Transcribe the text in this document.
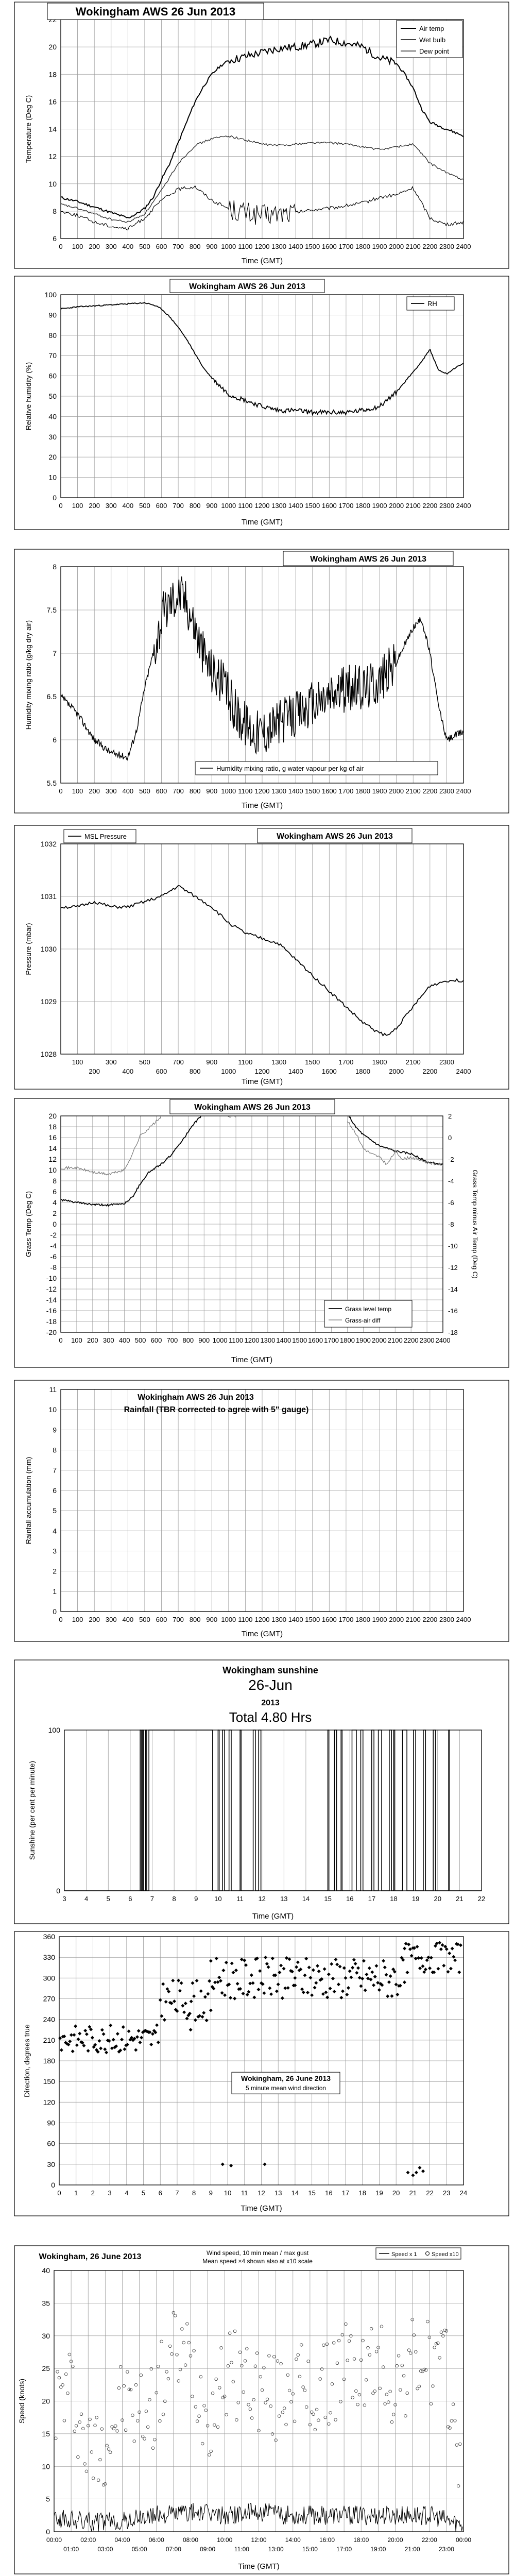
6
8
10
12
14
16
18
20
0 100 200 300 400 500 600 700 800 900 1000 1100 1200 1300 1400 1500 1600 1700 1800 1900 2000 2100 2200 2300 2400
Time (GMT)
Temperature (Deg C)
Wokingham AWS 26 Jun 2013
Air temp
Wet bulb
Dew point
0
10
20
30
40
50
60
70
80
90
100
0 100 200 300 400 500 600 700 800 900 1000 1100 1200 1300 1400 1500 1600 1700 1800 1900 2000 2100 2200 2300 2400
Time (GMT)
Relative humidity (%)
Wokingham AWS 26 Jun 2013
RH
5.5
6
6.5
7
7.5
8
0 100 200 300 400 500 600 700 800 900 1000 1100 1200 1300 1400 1500 1600 1700 1800 1900 2000 2100 2200 2300 2400
Time (GMT)
Humidity mixing ratio (g/kg dry air)
Wokingham AWS 26 Jun 2013
Humidity mixing ratio, g water vapour per kg of air
1028
1029
1030
1031
1032
100
200
300
400
500
600
700
800
900
1000
1100
1200
1300
1400
1500
1600
1700
1800
1900
2000
2100
2200
2300
2400
Time (GMT)
Pressure (mbar)
Wokingham AWS 26 Jun 2013
MSL Pressure
-20
-18
-16
-14
-12
-10
-8
-6
-4
-2
0
2
4
6
8
10
12
14
16
18
20
0 100 200 300 400 500 600 700 800 900 1000 1100 1200 1300 1400 1500 1600 1700 1800 1900 2000 2100 2200 2300 2400
Time (GMT)
Grass Temp (Deg C)
Wokingham AWS 26 Jun 2013
-18
-16
-14
-12
-10
-8
-6
-4
-2
0
2
Grass Temp minus Air Temp (Deg C)
Grass level temp
Grass-air diff
0
1
2
3
4
5
6
7
8
9
10
11
0 100 200 300 400 500 600 700 800 900 1000 1100 1200 1300 1400 1500 1600 1700 1800 1900 2000 2100 2200 2300 2400
Time (GMT)
Rainfall accumulation (mm)
Wokingham AWS 26 Jun 2013
Rainfall (TBR corrected to agree with 5" gauge)
0
100
3	4	5	6	7	8	9 10 11 12 13 14 15 16 17 18 19 20 21 22
Time (GMT)
Sunshine (per cent per minute)
Wokingham sunshine
26-Jun
2013
Total 4.80 Hrs
0
30
60
90
120
150
180
210
240
270
300
330
360
0 1 2 3 4 5 6 7 8 9 10 11 12 13 14 15 16 17 18 19 20 21 22 23 24
Time (GMT)
Direction, degrees true	Wokingham, 26 June 2013
5 minute mean wind direction
0
5
10
15
20
25
30
35
40
00:00
01:00
02:00
03:00
04:00
05:00
06:00
07:00
08:00
09:00
10:00
11:00
12:00
13:00
14:00
15:00
16:00
17:00
18:00
19:00
20:00
21:00
22:00
23:00
00:00
Time (GMT)
Speed (knots)
Wokingham, 26 June 2013	Wind speed, 10 min mean / max gust
Mean speed ×4 shown also at x10 scale
Speed x 1	Speed x10
